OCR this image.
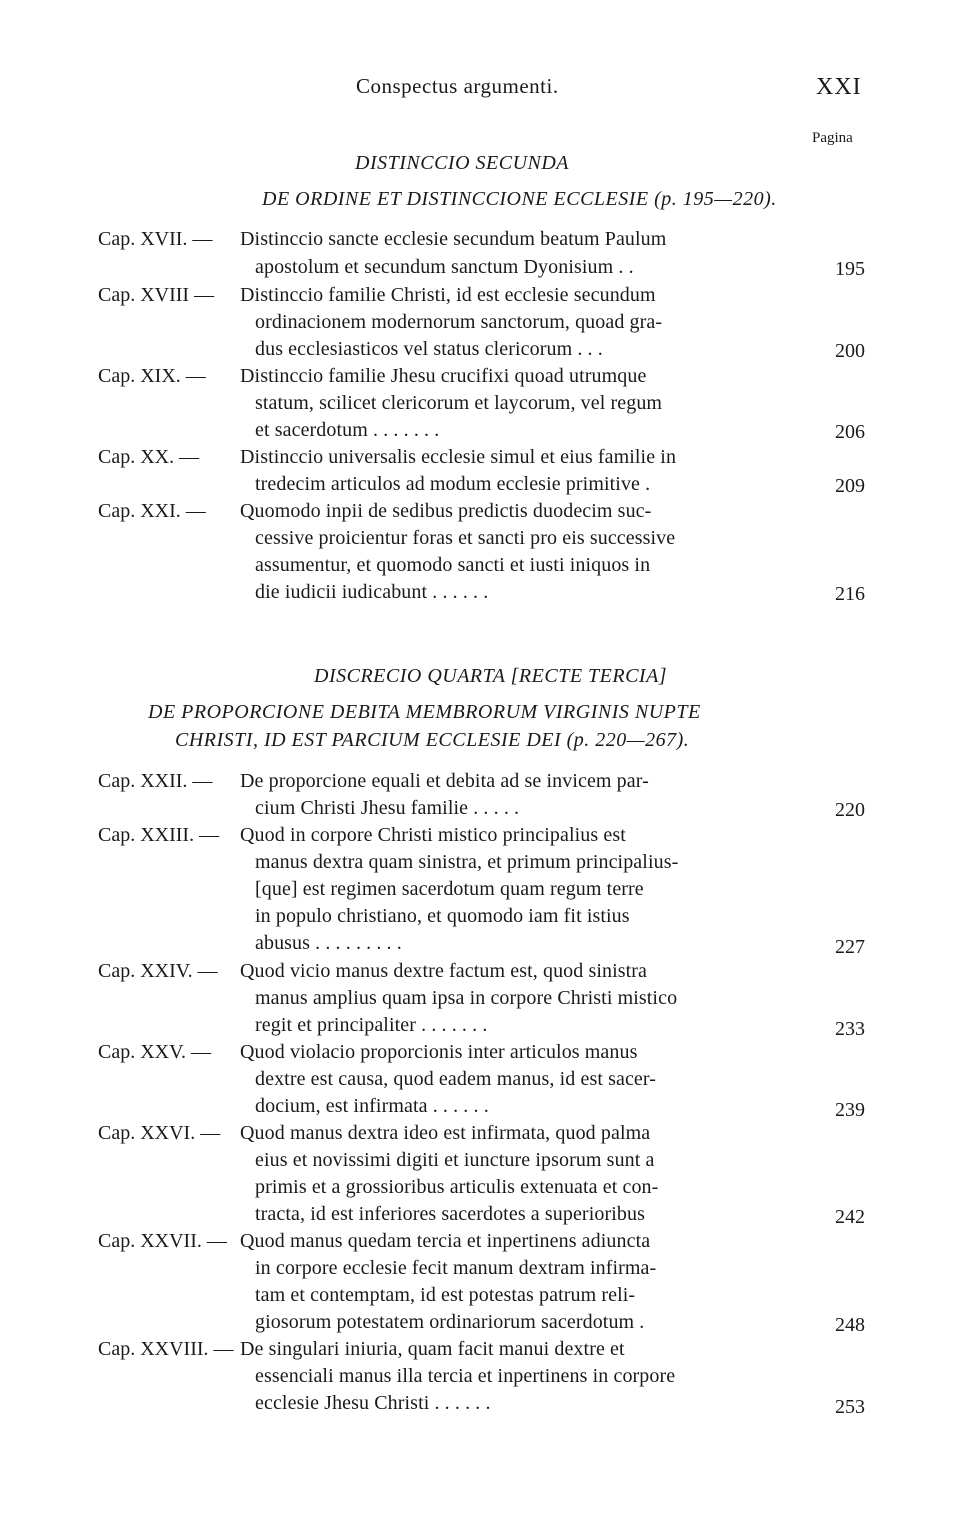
Conspectus argumenti.	XXI
Pagina
DISTINCCIO SECUNDA
DE ORDINE ET DISTINCCIONE ECCLESIE (p. 195—220).
Cap. XVII. — Distinccio sancte ecclesie secundum beatum Paulum
apostolum et secundum sanctum Dyonisium . .	195
Cap. XVIII — Distinccio familie Christi, id est ecclesie secundum
ordinacionem modernorum sanctorum, quoad gra-
dus ecclesiasticos vel status clericorum . . .	200
Cap. XIX. — Distinccio familie Jhesu crucifixi quoad utrumque
statum, scilicet clericorum et laycorum, vel regum
et sacerdotum . . . . . . .	206
Cap. XX. — Distinccio universalis ecclesie simul et eius familie in
tredecim articulos ad modum ecclesie primitive .	209
Cap. XXI. — Quomodo inpii de sedibus predictis duodecim suc-
cessive proicientur foras et sancti pro eis successive
assumentur, et quomodo sancti et iusti iniquos in
die iudicii iudicabunt . . . . . .	216
DISCRECIO QUARTA [RECTE TERCIA]
DE PROPORCIONE DEBITA MEMBRORUM VIRGINIS NUPTE
CHRISTI, ID EST PARCIUM ECCLESIE DEI (p. 220—267).
Cap. XXII. — De proporcione equali et debita ad se invicem par-
cium Christi Jhesu familie . . . . .	220
Cap. XXIII. — Quod in corpore Christi mistico principalius est
manus dextra quam sinistra, et primum principalius-
[que] est regimen sacerdotum quam regum terre
in populo christiano, et quomodo iam fit istius
abusus . . . . . . . . .	227
Cap. XXIV. — Quod vicio manus dextre factum est, quod sinistra
manus amplius quam ipsa in corpore Christi mistico
regit et principaliter . . . . . . .	233
Cap. XXV. — Quod violacio proporcionis inter articulos manus
dextre est causa, quod eadem manus, id est sacer-
docium, est infirmata . . . . . .	239
Cap. XXVI. — Quod manus dextra ideo est infirmata, quod palma
eius et novissimi digiti et iuncture ipsorum sunt a
primis et a grossioribus articulis extenuata et con-
tracta, id est inferiores sacerdotes a superioribus	242
Cap. XXVII. — Quod manus quedam tercia et inpertinens adiuncta
in corpore ecclesie fecit manum dextram infirma-
tam et contemptam, id est potestas patrum reli-
giosorum potestatem ordinariorum sacerdotum .	248
Cap. XXVIII. — De singulari iniuria, quam facit manui dextre et
essenciali manus illa tercia et inpertinens in corpore
ecclesie Jhesu Christi . . . . . .	253
